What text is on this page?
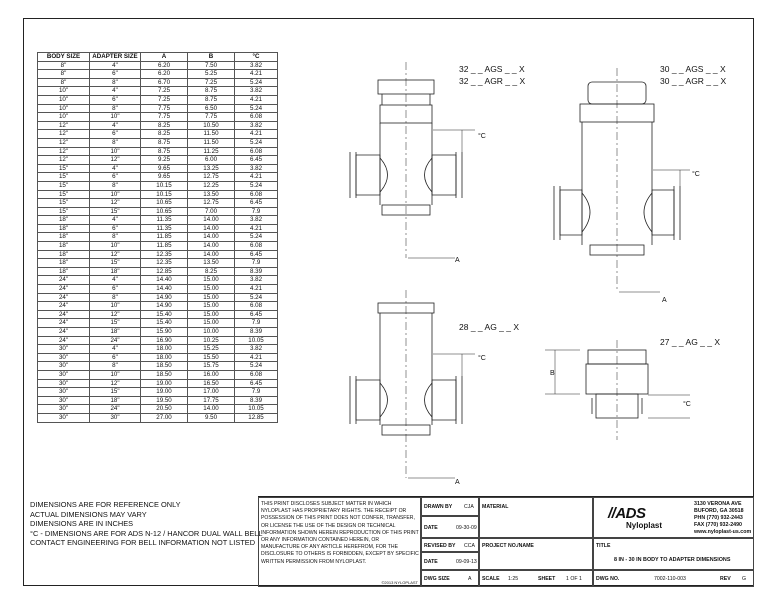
BODY SIZE	ADAPTER SIZE	A	B	°C
8"	4"	6.20	7.50	3.82
8"	6"	6.20	5.25	4.21
8"	8"	6.70	7.25	5.24
10"	4"	7.25	8.75	3.82
10"	6"	7.25	8.75	4.21
10"	8"	7.75	6.50	5.24
10"	10"	7.75	7.75	6.08
12"	4"	8.25	10.50	3.82
12"	6"	8.25	11.50	4.21
12"	8"	8.75	11.50	5.24
12"	10"	8.75	11.25	6.08
12"	12"	9.25	6.00	6.45
15"	4"	9.65	13.25	3.82
15"	6"	9.65	12.75	4.21
15"	8"	10.15	12.25	5.24
15"	10"	10.15	13.50	6.08
15"	12"	10.65	12.75	6.45
15"	15"	10.65	7.00	7.9
18"	4"	11.35	14.00	3.82
18"	6"	11.35	14.00	4.21
18"	8"	11.85	14.00	5.24
18"	10"	11.85	14.00	6.08
18"	12"	12.35	14.00	6.45
18"	15"	12.35	13.50	7.9
18"	18"	12.85	8.25	8.39
24"	4"	14.40	15.00	3.82
24"	6"	14.40	15.00	4.21
24"	8"	14.90	15.00	5.24
24"	10"	14.90	15.00	6.08
24"	12"	15.40	15.00	6.45
24"	15"	15.40	15.00	7.9
24"	18"	15.90	10.00	8.39
24"	24"	16.90	10.25	10.05
30"	4"	18.00	15.25	3.82
30"	6"	18.00	15.50	4.21
30"	8"	18.50	15.75	5.24
30"	10"	18.50	16.00	6.08
30"	12"	19.00	16.50	6.45
30"	15"	19.00	17.00	7.9
30"	18"	19.50	17.75	8.39
30"	24"	20.50	14.00	10.05
30"	30"	27.00	9.50	12.85
32 _ _ AGS _ _ X
32 _ _ AGR _ _ X
°C
A
30 _ _ AGS _ _ X
30 _ _ AGR _ _ X
°C
A
28 _ _ AG _ _ X
°C
A
27 _ _ AG _ _ X
B
°C
DIMENSIONS ARE FOR REFERENCE ONLY
ACTUAL DIMENSIONS MAY VARY
DIMENSIONS ARE IN INCHES
°C - DIMENSIONS ARE FOR ADS N-12 / HANCOR DUAL WALL BELL
CONTACT ENGINEERING FOR BELL INFORMATION NOT LISTED
THIS PRINT DISCLOSES SUBJECT MATTER IN WHICH NYLOPLAST HAS PROPRIETARY RIGHTS. THE RECEIPT OR POSSESSION OF THIS PRINT DOES NOT CONFER, TRANSFER, OR LICENSE THE USE OF THE DESIGN OR TECHNICAL INFORMATION SHOWN HEREIN REPRODUCTION OF THIS PRINT OR ANY INFORMATION CONTAINED HEREIN, OR MANUFACTURE OF ANY ARTICLE HEREFROM, FOR THE DISCLOSURE TO OTHERS IS FORBIDDEN, EXCEPT BY SPECIFIC WRITTEN PERMISSION FROM NYLOPLAST.
©2013 NYLOPLAST
DRAWN BY CJA
DATE	09-30-09
REVISED BY CCA
DATE	09-09-13
DWG SIZE	A
MATERIAL
PROJECT NO./NAME
SCALE 1:25	SHEET 1 OF 1
//ADS
Nyloplast
3130 VERONA AVE
BUFORD, GA 30518
PHN (770) 932-2443
FAX (770) 932-2490
www.nyloplast-us.com
TITLE
8 IN - 30 IN BODY TO ADAPTER DIMENSIONS
DWG NO.	7002-110-003	REV G
